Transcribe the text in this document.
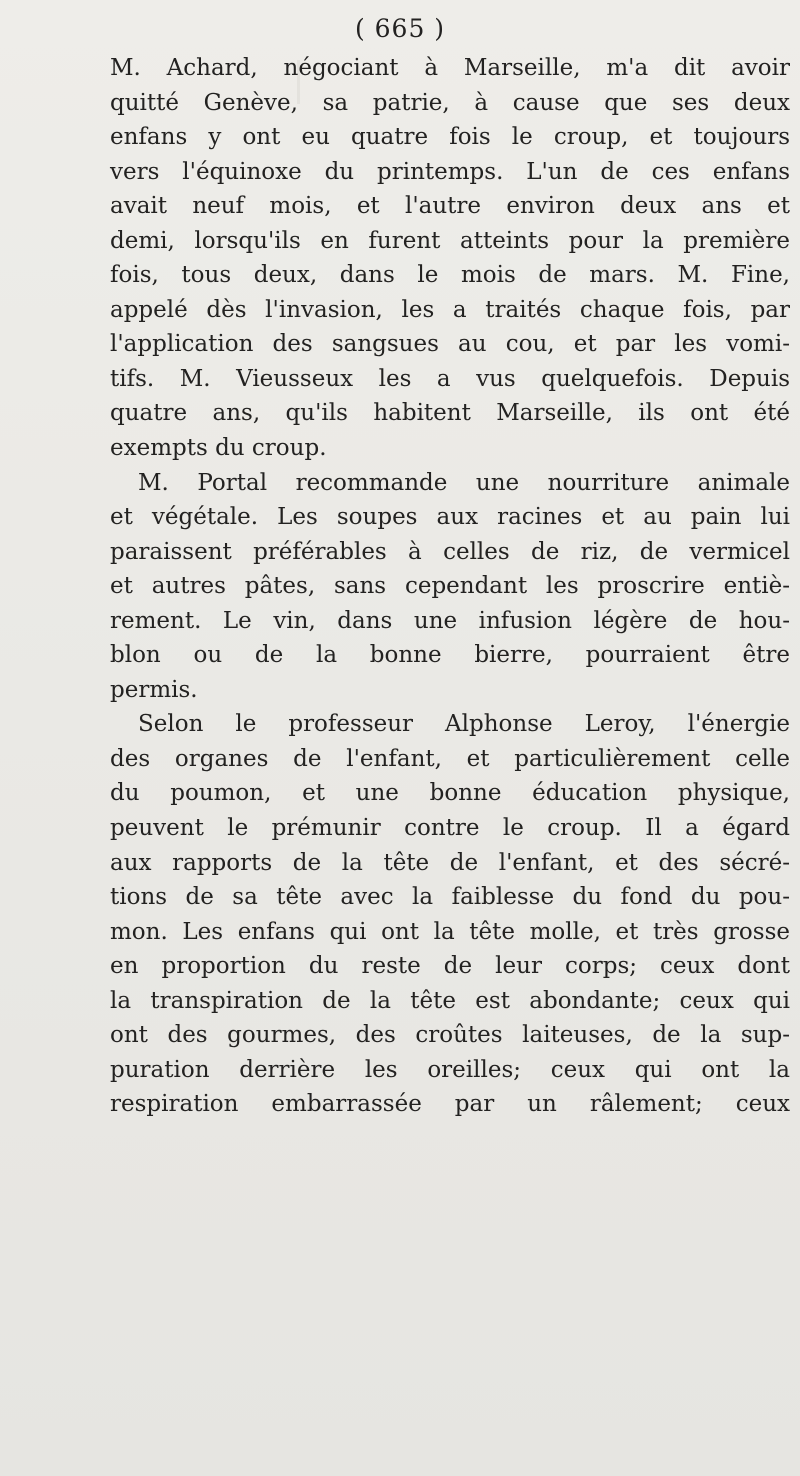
( 665 )
M. Achard, négociant à Marseille, m'a dit avoir
quitté Genève, sa patrie, à cause que ses deux
enfans y ont eu quatre fois le croup, et toujours
vers l'équinoxe du printemps. L'un de ces enfans
avait neuf mois, et l'autre environ deux ans et
demi, lorsqu'ils en furent atteints pour la première
fois, tous deux, dans le mois de mars. M. Fine,
appelé dès l'invasion, les a traités chaque fois, par
l'application des sangsues au cou, et par les vomi-
tifs. M. Vieusseux les a vus quelquefois. Depuis
quatre ans, qu'ils habitent Marseille, ils ont été
exempts du croup.
M. Portal recommande une nourriture animale
et végétale. Les soupes aux racines et au pain lui
paraissent préférables à celles de riz, de vermicel
et autres pâtes, sans cependant les proscrire entiè-
rement. Le vin, dans une infusion légère de hou-
blon ou de la bonne bierre, pourraient être
permis.
Selon le professeur Alphonse Leroy, l'énergie
des organes de l'enfant, et particulièrement celle
du poumon, et une bonne éducation physique,
peuvent le prémunir contre le croup. Il a égard
aux rapports de la tête de l'enfant, et des sécré-
tions de sa tête avec la faiblesse du fond du pou-
mon. Les enfans qui ont la tête molle, et très grosse
en proportion du reste de leur corps; ceux dont
la transpiration de la tête est abondante; ceux qui
ont des gourmes, des croûtes laiteuses, de la sup-
puration derrière les oreilles; ceux qui ont la
respiration embarrassée par un râlement; ceux
